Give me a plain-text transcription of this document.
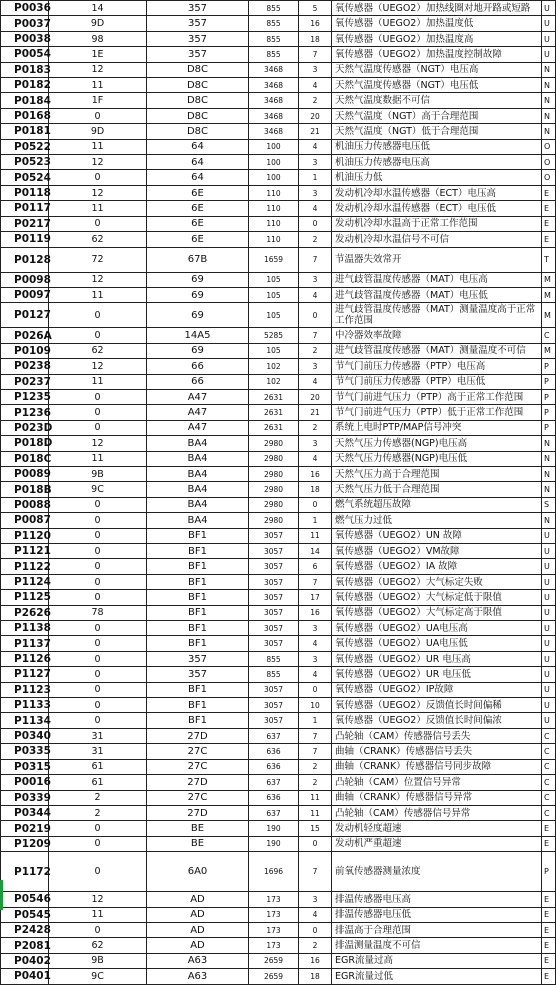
P0036	14	357	855	5	氧传感器（UEGO2）加热线圈对地开路或短路	U
P0037	9D	357	855	16	氧传感器（UEGO2）加热温度低	U
P0038	98	357	855	18	氧传感器（UEGO2）加热温度高	U
P0054	1E	357	855	7	氧传感器（UEGO2）加热温度控制故障	U
P0183	12	D8C	3468	3	天然气温度传感器（NGT）电压高	N
P0182	11	D8C	3468	4	天然气温度传感器（NGT）电压低	N
P0184	1F	D8C	3468	2	天然气温度数据不可信	N
P0168	0	D8C	3468	20	天然气温度（NGT）高于合理范围	N
P0181	9D	D8C	3468	21	天然气温度（NGT）低于合理范围	N
P0522	11	64	100	4	机油压力传感器电压低	O
P0523	12	64	100	3	机油压力传感器电压高	O
P0524	0	64	100	1	机油压力低	O
P0118	12	6E	110	3	发动机冷却水温传感器（ECT）电压高	E
P0117	11	6E	110	4	发动机冷却水温传感器（ECT）电压低	E
P0217	0	6E	110	0	发动机冷却水温高于正常工作范围	E
P0119	62	6E	110	2	发动机冷却水温信号不可信	E
P0128	72	67B	1659	7	节温器失效常开	T
P0098	12	69	105	3	进气歧管温度传感器（MAT）电压高	M
P0097	11	69	105	4	进气歧管温度传感器（MAT）电压低	M
P0127	0	69	105	0	进气歧管温度传感器（MAT）测量温度高于正常工作范围	M
P026A	0	14A5	5285	7	中冷器效率故障	C
P0109	62	69	105	2	进气歧管温度传感器（MAT）测量温度不可信	M
P0238	12	66	102	3	节气门前压力传感器（PTP）电压高	P
P0237	11	66	102	4	节气门前压力传感器（PTP）电压低	P
P1235	0	A47	2631	20	节气门前进气压力（PTP）高于正常工作范围	P
P1236	0	A47	2631	21	节气门前进气压力（PTP）低于正常工作范围	P
P023D	0	A47	2631	2	系统上电时PTP/MAP信号冲突	P
P018D	12	BA4	2980	3	天然气压力传感器(NGP)电压高	N
P018C	11	BA4	2980	4	天然气压力传感器(NGP)电压低	N
P0089	9B	BA4	2980	16	天然气压力高于合理范围	N
P018B	9C	BA4	2980	18	天然气压力低于合理范围	N
P0088	0	BA4	2980	0	燃气系统超压故障	S
P0087	0	BA4	2980	1	燃气压力过低	N
P1120	0	BF1	3057	11	氧传感器（UEGO2）UN 故障	U
P1121	0	BF1	3057	14	氧传感器（UEGO2）VM故障	U
P1122	0	BF1	3057	6	氧传感器（UEGO2）IA 故障	U
P1124	0	BF1	3057	7	氧传感器（UEGO2）大气标定失败	U
P1125	0	BF1	3057	17	氧传感器（UEGO2）大气标定低于限值	U
P2626	78	BF1	3057	16	氧传感器（UEGO2）大气标定高于限值	U
P1138	0	BF1	3057	3	氧传感器（UEGO2）UA电压高	U
P1137	0	BF1	3057	4	氧传感器（UEGO2）UA电压低	U
P1126	0	357	855	3	氧传感器（UEGO2）UR 电压高	U
P1127	0	357	855	4	氧传感器（UEGO2）UR 电压低	U
P1123	0	BF1	3057	0	氧传感器（UEGO2）IP故障	U
P1133	0	BF1	3057	10	氧传感器（UEGO2）反馈值长时间偏稀	U
P1134	0	BF1	3057	1	氧传感器（UEGO2）反馈值长时间偏浓	U
P0340	31	27D	637	7	凸轮轴（CAM）传感器信号丢失	C
P0335	31	27C	636	7	曲轴（CRANK）传感器信号丢失	C
P0315	61	27C	636	2	曲轴（CRANK）传感器信号同步故障	C
P0016	61	27D	637	2	凸轮轴（CAM）位置信号异常	C
P0339	2	27C	636	11	曲轴（CRANK）传感器信号异常	C
P0344	2	27D	637	11	凸轮轴（CAM）传感器信号异常	C
P0219	0	BE	190	15	发动机轻度超速	E
P1209	0	BE	190	0	发动机严重超速	E
P1172	0	6A0	1696	7	前氧传感器测量浓度	P
P0546	12	AD	173	3	排温传感器电压高	E
P0545	11	AD	173	4	排温传感器电压低	E
P2428	0	AD	173	0	排温高于合理范围	E
P2081	62	AD	173	2	排温测量温度不可信	E
P0402	9B	A63	2659	16	EGR流量过高	E
P0401	9C	A63	2659	18	EGR流量过低	E
